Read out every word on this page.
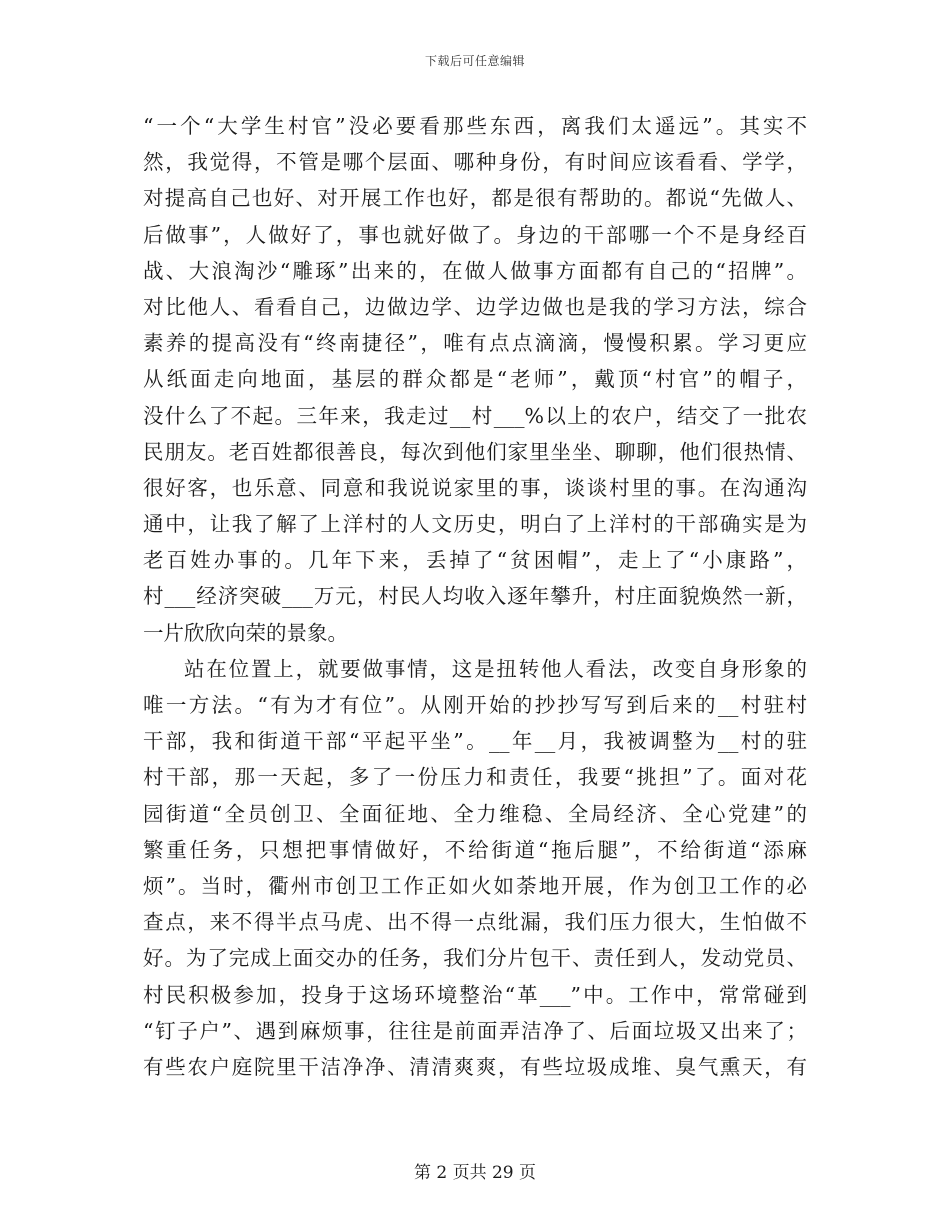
下载后可任意编辑
“一个“大学生村官”没必要看那些东西，离我们太遥远”。其实不
然，我觉得，不管是哪个层面、哪种身份，有时间应该看看、学学，
对提高自己也好、对开展工作也好，都是很有帮助的。都说“先做人、
后做事”，人做好了，事也就好做了。身边的干部哪一个不是身经百
战、大浪淘沙“雕琢”出来的，在做人做事方面都有自己的“招牌”。
对比他人、看看自己，边做边学、边学边做也是我的学习方法，综合
素养的提高没有“终南捷径”，唯有点点滴滴，慢慢积累。学习更应
从纸面走向地面，基层的群众都是“老师”，戴顶“村官”的帽子，
没什么了不起。三年来，我走过__村___%以上的农户，结交了一批农
民朋友。老百姓都很善良，每次到他们家里坐坐、聊聊，他们很热情、
很好客，也乐意、同意和我说说家里的事，谈谈村里的事。在沟通沟
通中，让我了解了上洋村的人文历史，明白了上洋村的干部确实是为
老百姓办事的。几年下来，丢掉了“贫困帽”，走上了“小康路”，
村___经济突破___万元，村民人均收入逐年攀升，村庄面貌焕然一新，
一片欣欣向荣的景象。
站在位置上，就要做事情，这是扭转他人看法，改变自身形象的
唯一方法。“有为才有位”。从刚开始的抄抄写写到后来的__村驻村
干部，我和街道干部“平起平坐”。__年__月，我被调整为__村的驻
村干部，那一天起，多了一份压力和责任，我要“挑担”了。面对花
园街道“全员创卫、全面征地、全力维稳、全局经济、全心党建”的
繁重任务，只想把事情做好，不给街道“拖后腿”，不给街道“添麻
烦”。当时，衢州市创卫工作正如火如荼地开展，作为创卫工作的必
查点，来不得半点马虎、出不得一点纰漏，我们压力很大，生怕做不
好。为了完成上面交办的任务，我们分片包干、责任到人，发动党员、
村民积极参加，投身于这场环境整治“革___”中。工作中，常常碰到
“钉子户”、遇到麻烦事，往往是前面弄洁净了、后面垃圾又出来了；
有些农户庭院里干洁净净、清清爽爽，有些垃圾成堆、臭气熏天，有
第 2 页共 29 页
